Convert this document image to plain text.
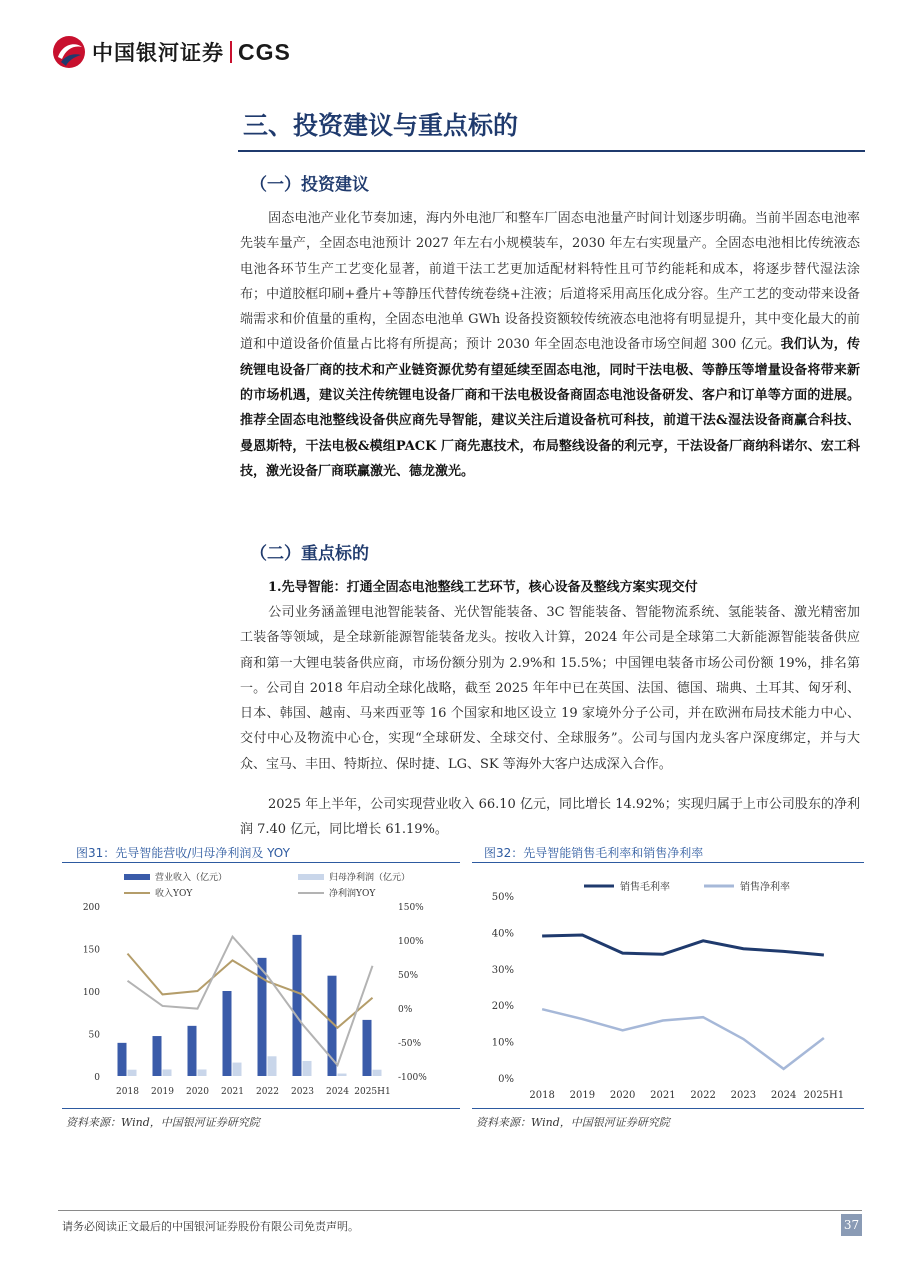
中国银河证券 CGS
三、投资建议与重点标的
（一）投资建议

固态电池产业化节奏加速，海内外电池厂和整车厂固态电池量产时间计划逐步明确。当前半固态电池率先装车量产，全固态电池预计 2027 年左右小规模装车，2030 年左右实现量产。全固态电池相比传统液态电池各环节生产工艺变化显著，前道干法工艺更加适配材料特性且可节约能耗和成本，将逐步替代湿法涂布；中道胶框印刷+叠片+等静压代替传统卷绕+注液；后道将采用高压化成分容。生产工艺的变动带来设备端需求和价值量的重构，全固态电池单 GWh 设备投资额较传统液态电池将有明显提升，其中变化最大的前道和中道设备价值量占比将有所提高；预计 2030 年全固态电池设备市场空间超 300 亿元。我们认为，传统锂电设备厂商的技术和产业链资源优势有望延续至固态电池，同时干法电极、等静压等增量设备将带来新的市场机遇，建议关注传统锂电设备厂商和干法电极设备商固态电池设备研发、客户和订单等方面的进展。推荐全固态电池整线设备供应商先导智能，建议关注后道设备杭可科技，前道干法&湿法设备商赢合科技、曼恩斯特，干法电极&模组PACK 厂商先惠技术，布局整线设备的利元亨，干法设备厂商纳科诺尔、宏工科技，激光设备厂商联赢激光、德龙激光。

（二）重点标的

1.先导智能：打通全固态电池整线工艺环节，核心设备及整线方案实现交付

公司业务涵盖锂电池智能装备、光伏智能装备、3C 智能装备、智能物流系统、氢能装备、激光精密加工装备等领域，是全球新能源智能装备龙头。按收入计算，2024 年公司是全球第二大新能源智能装备供应商和第一大锂电装备供应商，市场份额分别为 2.9%和 15.5%；中国锂电装备市场公司份额 19%，排名第一。公司自 2018 年启动全球化战略，截至 2025 年年中已在英国、法国、德国、瑞典、土耳其、匈牙利、日本、韩国、越南、马来西亚等 16 个国家和地区设立 19 家境外分子公司，并在欧洲布局技术能力中心、交付中心及物流中心仓，实现“全球研发、全球交付、全球服务”。公司与国内龙头客户深度绑定，并与大众、宝马、丰田、特斯拉、保时捷、LG、SK 等海外大客户达成深入合作。

2025 年上半年，公司实现营业收入 66.10 亿元，同比增长 14.92%；实现归属于上市公司股东的净利润 7.40 亿元，同比增长 61.19%。

图31：先导智能营收/归母净利润及 YOY

200
150
100
50
0
150%
100%
50%
0%
-50%
-100%
2018 2019 2020 2021 2022 2023 2024 2025H1
营业收入（亿元）	归母净利润（亿元）
收入YOY	净利润YOY

资料来源：Wind，中国银河证券研究院

图32：先导智能销售毛利率和销售净利率

50%
40%
30%
20%
10%
0%
2018 2019 2020 2021 2022 2023 2024 2025H1
销售毛利率	销售净利率

资料来源：Wind，中国银河证券研究院

请务必阅读正文最后的中国银河证券股份有限公司免责声明。	37
